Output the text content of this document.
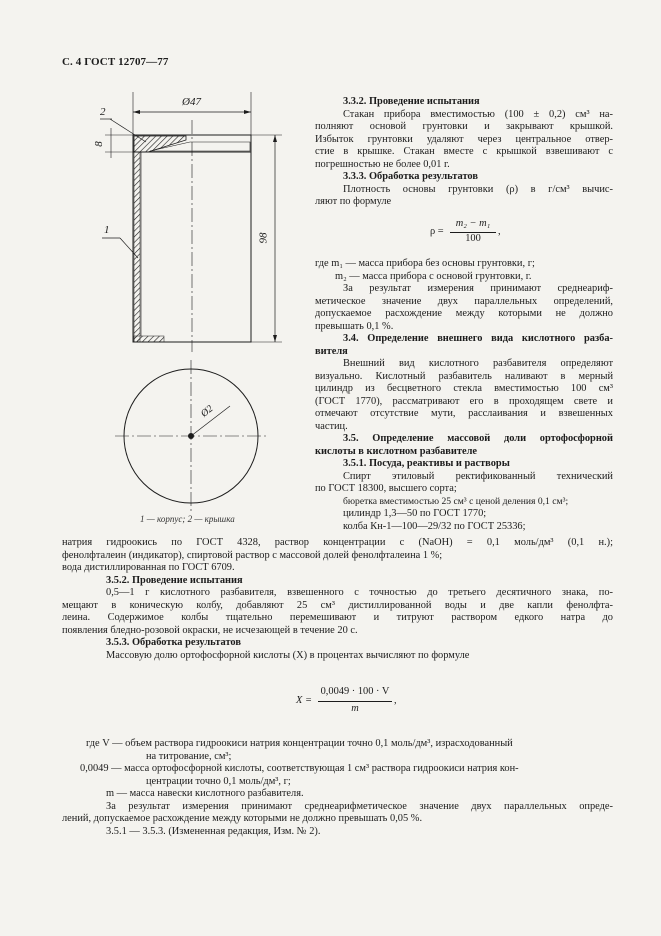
С. 4 ГОСТ 12707—77
Ø47
2
8
1
98
Ø2
1 — корпус; 2 — крышка
3.3.2. Проведение испытания
Стакан прибора вместимостью (100 ± 0,2) см³ на-
полняют основой грунтовки и закрывают крышкой.
Избыток грунтовки удаляют через центральное отвер-
стие в крышке. Стакан вместе с крышкой взвешивают с
погрешностью не более 0,01 г.
3.3.3. Обработка результатов
Плотность основы грунтовки (ρ) в г/см³ вычис-
ляют по формуле
ρ =
m₂ − m₁
100
,
где m₁ — масса прибора без основы грунтовки, г;
m₂ — масса прибора с основой грунтовки, г.
За результат измерения принимают среднеариф-
метическое значение двух параллельных определений,
допускаемое расхождение между которыми не должно
превышать 0,1 %.
3.4. Определение внешнего вида кислотного разба-
вителя
Внешний вид кислотного разбавителя определяют
визуально. Кислотный разбавитель наливают в мерный
цилиндр из бесцветного стекла вместимостью 100 см³
(ГОСТ 1770), рассматривают его в проходящем свете и
отмечают отсутствие мути, расслаивания и взвешенных
частиц.
3.5. Определение массовой доли ортофосфорной
кислоты в кислотном разбавителе
3.5.1. Посуда, реактивы и растворы
Спирт этиловый ректификованный технический
по ГОСТ 18300, высшего сорта;
бюретка вместимостью 25 см³ с ценой деления 0,1 см³;
цилиндр 1,3—50 по ГОСТ 1770;
колба Кн-1—100—29/32 по ГОСТ 25336;
натрия гидроокись по ГОСТ 4328, раствор концентрации c (NaOH) = 0,1 моль/дм³ (0,1 н.);
фенолфталеин (индикатор), спиртовой раствор с массовой долей фенолфталеина 1 %;
вода дистиллированная по ГОСТ 6709.
3.5.2. Проведение испытания
0,5—1 г кислотного разбавителя, взвешенного с точностью до третьего десятичного знака, по-
мещают в коническую колбу, добавляют 25 см³ дистиллированной воды и две капли фенолфта-
леина. Содержимое колбы тщательно перемешивают и титруют раствором едкого натра до
появления бледно-розовой окраски, не исчезающей в течение 20 с.
3.5.3. Обработка результатов
Массовую долю ортофосфорной кислоты (X) в процентах вычисляют по формуле
X =
0,0049 · 100 · V
m
,
где V — объем раствора гидроокиси натрия концентрации точно 0,1 моль/дм³, израсходованный
на титрование, см³;
0,0049 — масса ортофосфорной кислоты, соответствующая 1 см³ раствора гидроокиси натрия кон-
центрации точно 0,1 моль/дм³, г;
m — масса навески кислотного разбавителя.
За результат измерения принимают среднеарифметическое значение двух параллельных опреде-
лений, допускаемое расхождение между которыми не должно превышать 0,05 %.
3.5.1 — 3.5.3. (Измененная редакция, Изм. № 2).
